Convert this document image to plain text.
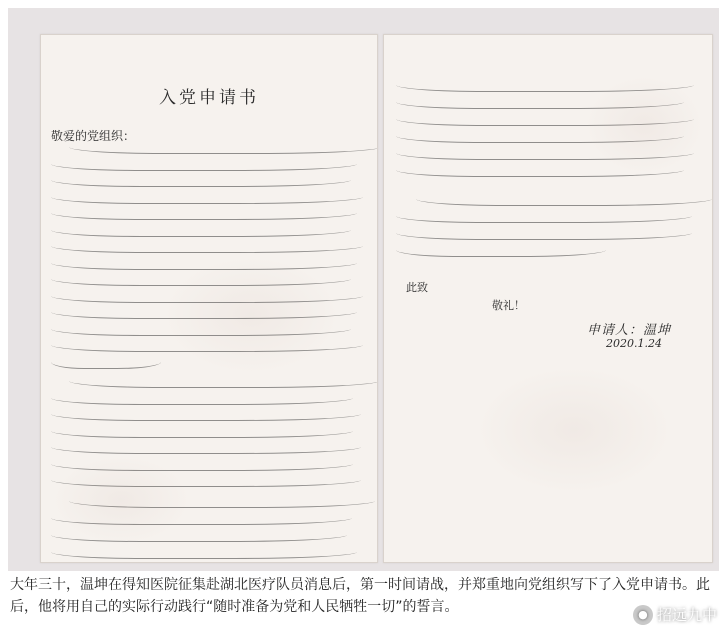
入党申请书
敬爱的党组织：
此致
敬礼！
申请人：温坤
2020.1.24
大年三十，温坤在得知医院征集赴湖北医疗队员消息后，第一时间请战，并郑重地向党组织写下了入党申请书。此后，他将用自己的实际行动践行“随时准备为党和人民牺牲一切”的誓言。	● 招远九中
